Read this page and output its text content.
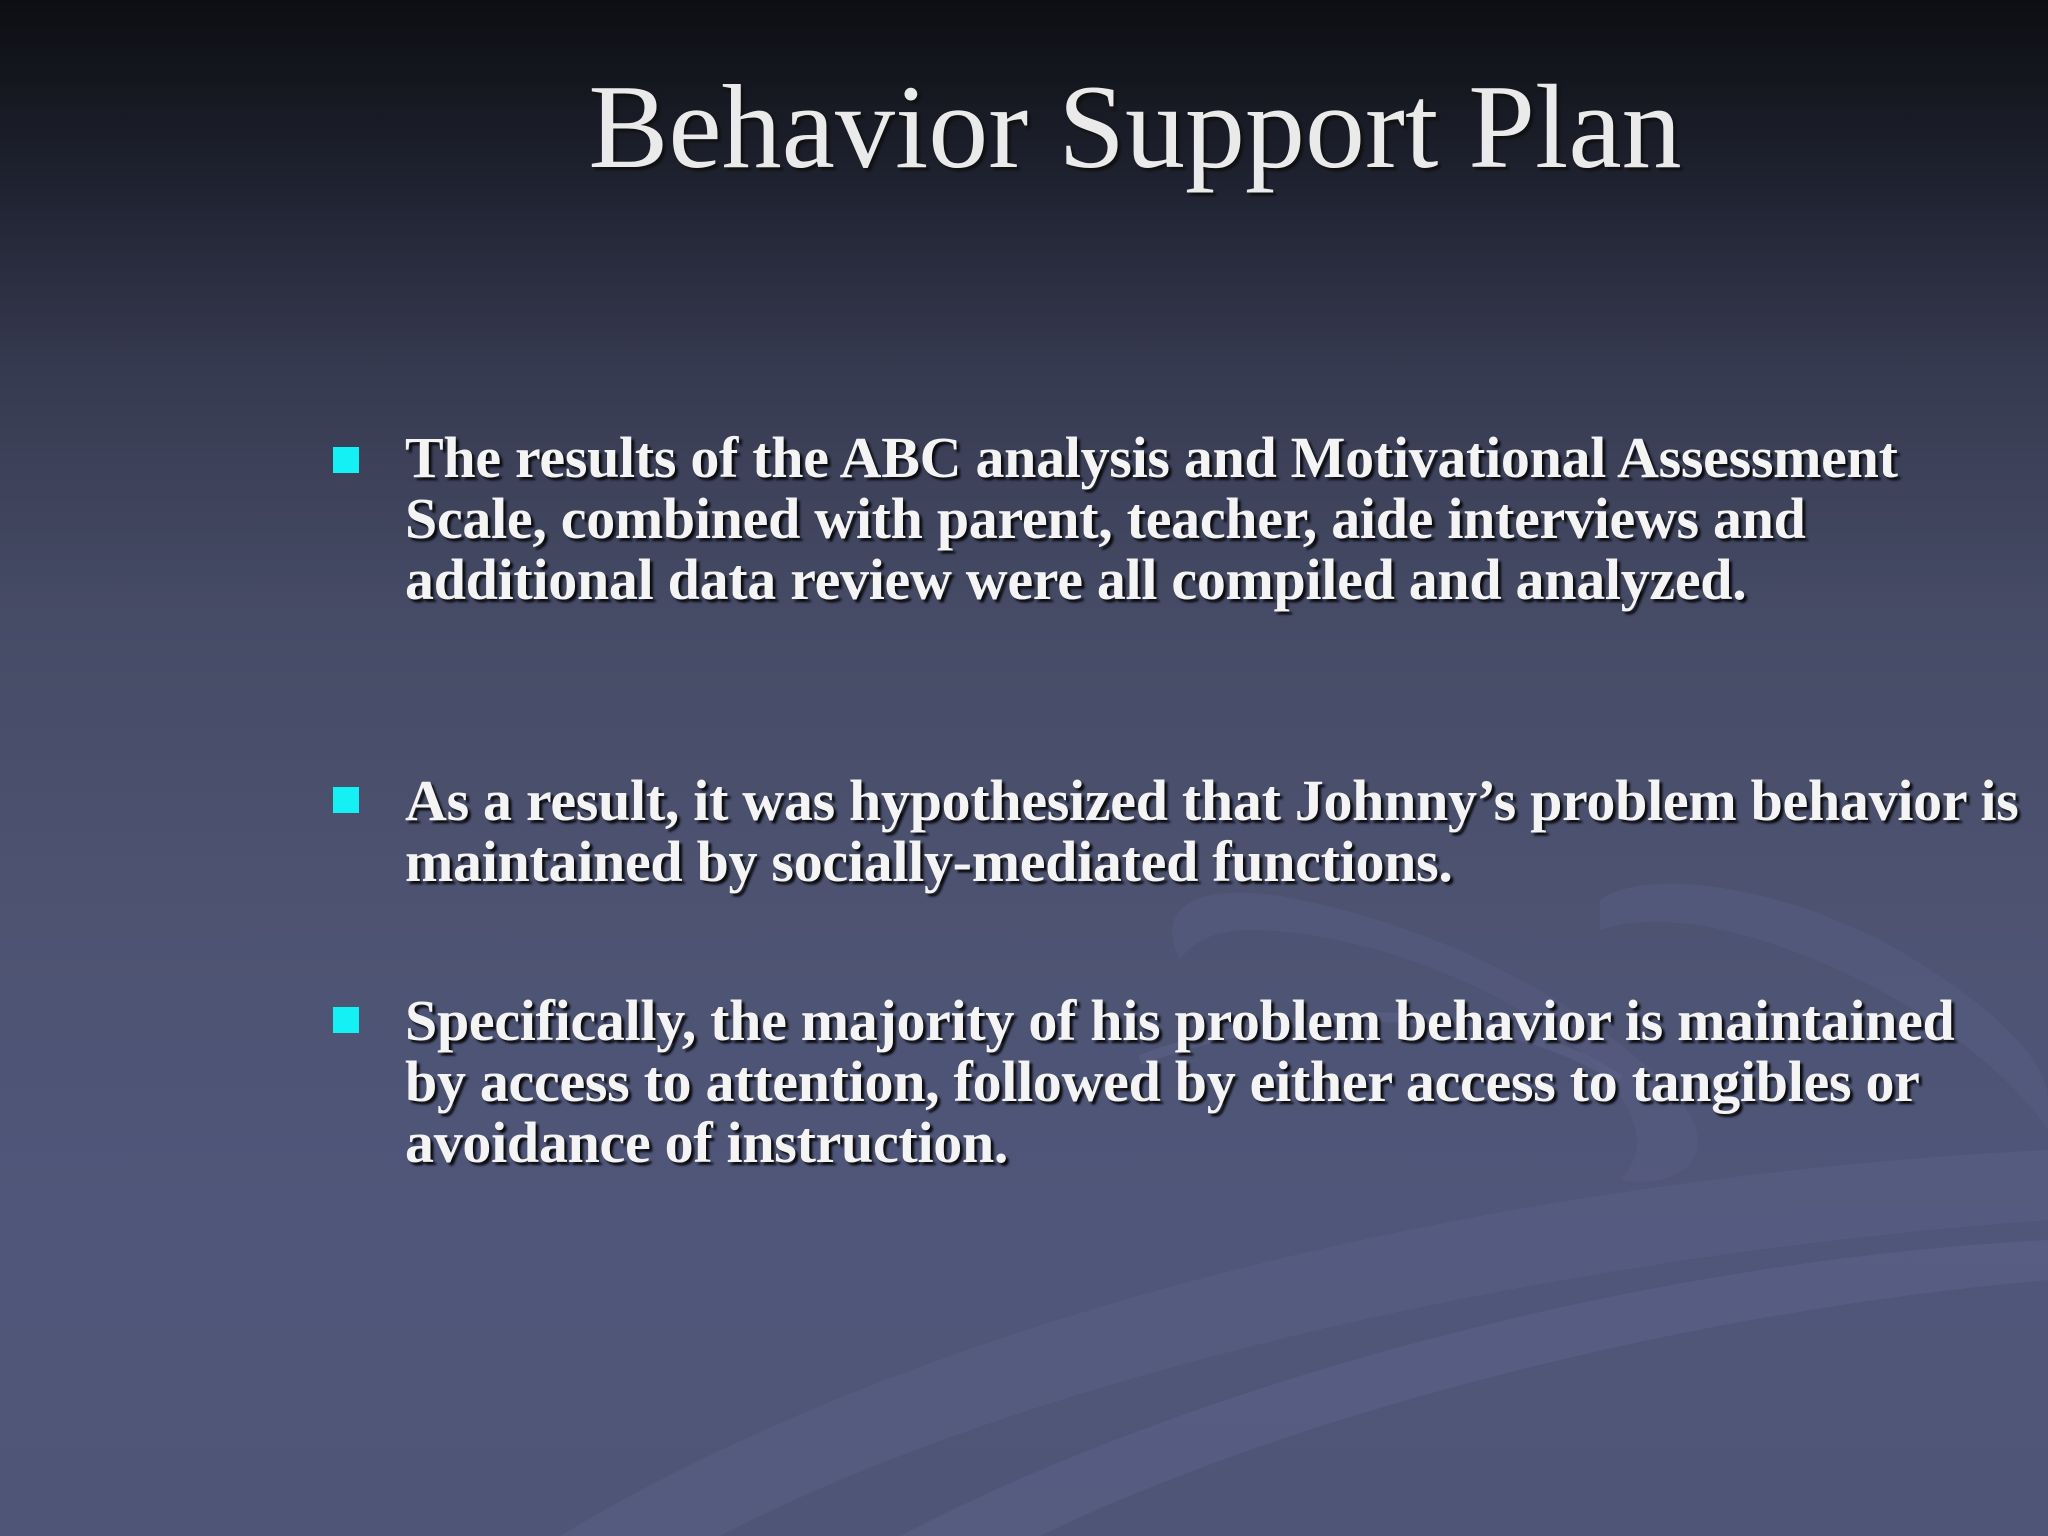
Behavior Support Plan
The results of the ABC analysis and Motivational Assessment Scale, combined with parent, teacher, aide interviews and additional data review were all compiled and analyzed.
As a result, it was hypothesized that Johnny’s problem behavior is maintained by socially-mediated functions.
Specifically, the majority of his problem behavior is maintained by access to attention, followed by either access to tangibles or avoidance of instruction.
